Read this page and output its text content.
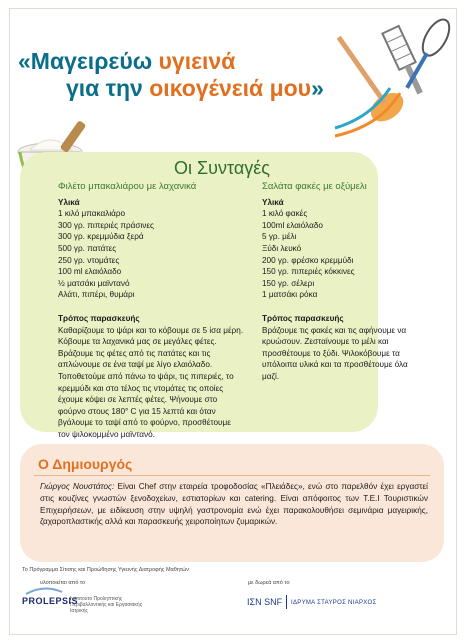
«Μαγειρεύω υγιεινά
για την οικογένειά μου»
Οι Συνταγές
Φιλέτο μπακαλιάρου με λαχανικά
Υλικά

1 κιλό μπακαλιάρο

300 γρ. πιπεριές πράσινες

300 γρ. κρεμμύδια ξερά

500 γρ. πατάτες

250 γρ. ντομάτες

100 ml ελαιόλαδο

½ ματσάκι μαϊντανό

Αλάτι, πιπέρι, θυμάρι

Τρόπος παρασκευής

Καθαρίζουμε το ψάρι και το κόβουμε σε 5 ίσα μέρη.

Κόβουμε τα λαχανικά μας σε μεγάλες φέτες.

Βράζουμε τις φέτες από τις πατάτες και τις

απλώνουμε σε ένα ταψί με λίγο ελαιόλαδο.

Τοποθετούμε από πάνω το ψάρι, τις πιπεριές, το

κρεμμύδι και στο τέλος τις ντομάτες τις οποίες

έχουμε κόψει σε λεπτές φέτες. Ψήνουμε στο

φούρνο στους 180° C για 15 λεπτά και όταν

βγάλουμε το ταψί από το φούρνο, προσθέτουμε

τον ψιλοκομμένο μαϊντανό.

Σαλάτα φακές με οξύμελι
Υλικά

1 κιλό φακές

100ml ελαιόλαδο

5 γρ. μέλι

Ξύδι λευκό

200 γρ. φρέσκο κρεμμύδι

150 γρ. πιπεριές κόκκινες

150 γρ. σέλερι

1 ματσάκι ρόκα

Τρόπος παρασκευής

Βράζουμε τις φακές και τις αφήνουμε να

κρυώσουν. Ζεσταίνουμε το μέλι και

προσθέτουμε το ξύδι. Ψιλοκόβουμε τα

υπόλοιπα υλικά και τα προσθέτουμε όλα

μαζί.

Ο Δημιουργός
Γιώργος Νουστάτος: Είναι Chef στην εταιρεία τροφοδοσίας «Πλειάδες», ενώ στο παρελθόν έχει εργαστεί στις κουζίνες γνωστών ξενοδοχείων, εστιατορίων και catering. Είναι απόφοιτος των Τ.Ε.Ι Τουριστικών Επιχειρήσεων, με ειδίκευση στην υψηλή γαστρονομία ενώ έχει παρακολουθήσει σεμινάρια μαγειρικής, ζαχαροπλαστικής αλλά και παρασκευής χειροποίητων ζυμαρικών.
Το Πρόγραμμα Σίτισης και Προώθησης Υγιεινής Διατροφής Μαθητών
υλοποιείται από το	με δωρεά από το
PROLEPSIS
Ινστιτούτο Προληπτικής Περιβαλλοντικής και Εργασιακής Ιατρικής
ΙΣΝ SNF ΙΔΡΥΜΑ ΣΤΑΥΡΟΣ ΝΙΑΡΧΟΣ
